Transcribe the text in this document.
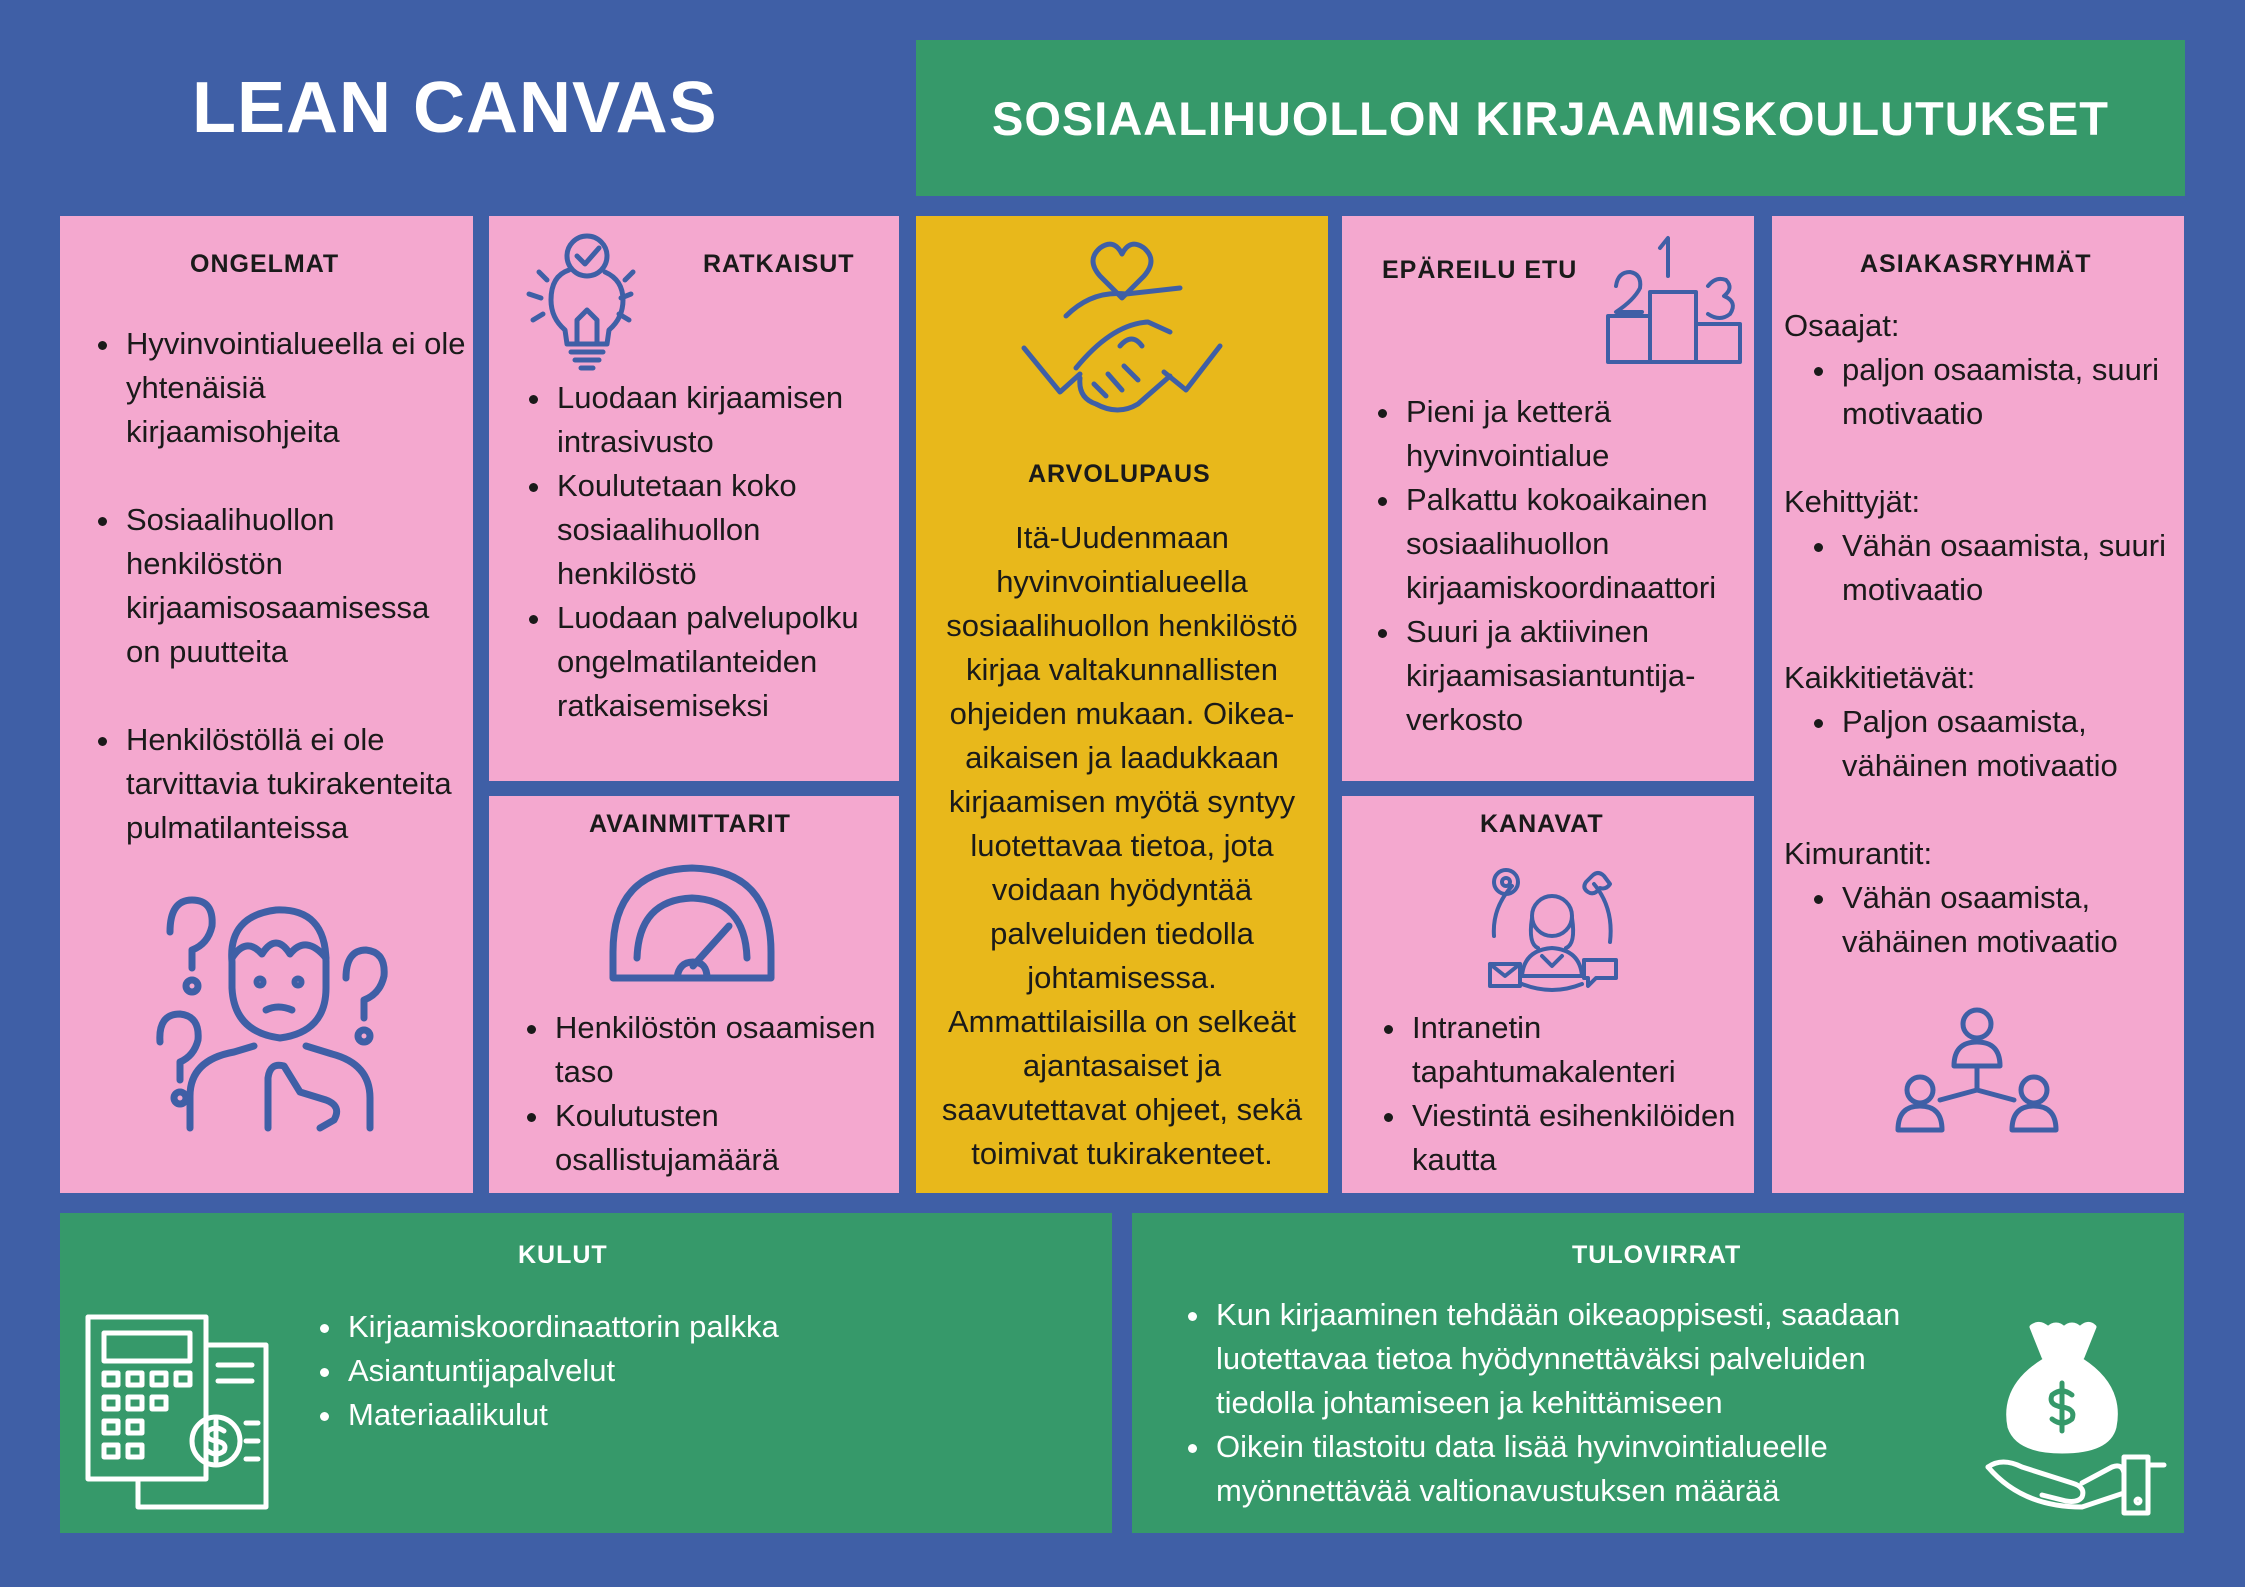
LEAN CANVAS	SOSIAALIHUOLLON KIRJAAMISKOULUTUKSET
ONGELMAT
Hyvinvointialueella ei ole yhtenäisiä kirjaamisohjeita
Sosiaalihuollon henkilöstön kirjaamisosaamisessa on puutteita
Henkilöstöllä ei ole tarvittavia tukirakenteita pulmatilanteissa
RATKAISUT
Luodaan kirjaamisen intrasivusto
Koulutetaan koko sosiaalihuollon henkilöstö
Luodaan palvelupolku ongelmatilanteiden ratkaisemiseksi
AVAINMITTARIT
Henkilöstön osaamisen taso
Koulutusten osallistujamäärä
ARVOLUPAUS
Itä-Uudenmaan hyvinvointialueella sosiaalihuollon henkilöstö kirjaa valtakunnallisten ohjeiden mukaan. Oikea-aikaisen ja laadukkaan kirjaamisen myötä syntyy luotettavaa tietoa, jota voidaan hyödyntää palveluiden tiedolla johtamisessa. Ammattilaisilla on selkeät ajantasaiset ja saavutettavat ohjeet, sekä toimivat tukirakenteet.
EPÄREILU ETU
Pieni ja ketterä hyvinvointialue
Palkattu kokoaikainen sosiaalihuollon kirjaamiskoordinaattori
Suuri ja aktiivinen kirjaamisasiantuntija-verkosto
KANAVAT
Intranetin tapahtumakalenteri
Viestintä esihenkilöiden kautta
ASIAKASRYHMÄT
Osaajat:
paljon osaamista, suuri motivaatio
Kehittyjät:
Vähän osaamista, suuri motivaatio
Kaikkitietävät:
Paljon osaamista, vähäinen motivaatio
Kimurantit:
Vähän osaamista, vähäinen motivaatio
KULUT
Kirjaamiskoordinaattorin palkka
Asiantuntijapalvelut
Materiaalikulut
TULOVIRRAT
Kun kirjaaminen tehdään oikeaoppisesti, saadaan luotettavaa tietoa hyödynnettäväksi palveluiden tiedolla johtamiseen ja kehittämiseen
Oikein tilastoitu data lisää hyvinvointialueelle myönnettävää valtionavustuksen määrää
